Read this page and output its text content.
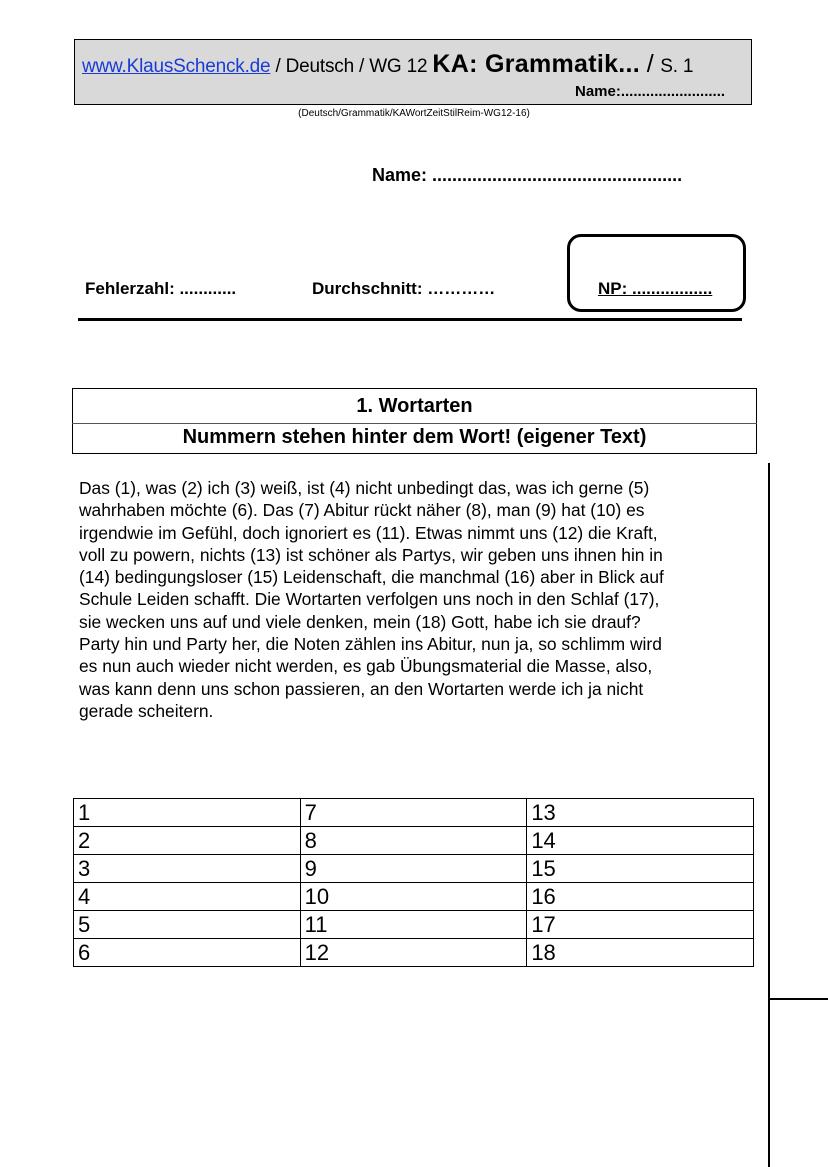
www.KlausSchenck.de / Deutsch / WG 12 KA: Grammatik... / S. 1
Name:.........................
(Deutsch/Grammatik/KAWortZeitStilReim-WG12-16)
Name: ..................................................
Fehlerzahl: ............	Durchschnitt: …………	NP: .................
1. Wortarten
Nummern stehen hinter dem Wort! (eigener Text)
Das (1), was (2) ich (3) weiß, ist (4) nicht unbedingt das, was ich gerne (5)
wahrhaben möchte (6). Das (7) Abitur rückt näher (8), man (9) hat (10) es
irgendwie im Gefühl, doch ignoriert es (11). Etwas nimmt uns (12) die Kraft,
voll zu powern, nichts (13) ist schöner als Partys, wir geben uns ihnen hin in
(14) bedingungsloser (15) Leidenschaft, die manchmal (16) aber in Blick auf
Schule Leiden schafft. Die Wortarten verfolgen uns noch in den Schlaf (17),
sie wecken uns auf und viele denken, mein (18) Gott, habe ich sie drauf?
Party hin und Party her, die Noten zählen ins Abitur, nun ja, so schlimm wird
es nun auch wieder nicht werden, es gab Übungsmaterial die Masse, also,
was kann denn uns schon passieren, an den Wortarten werde ich ja nicht
gerade scheitern.
1	7	13
2	8	14
3	9	15
4	10	16
5	11	17
6	12	18
